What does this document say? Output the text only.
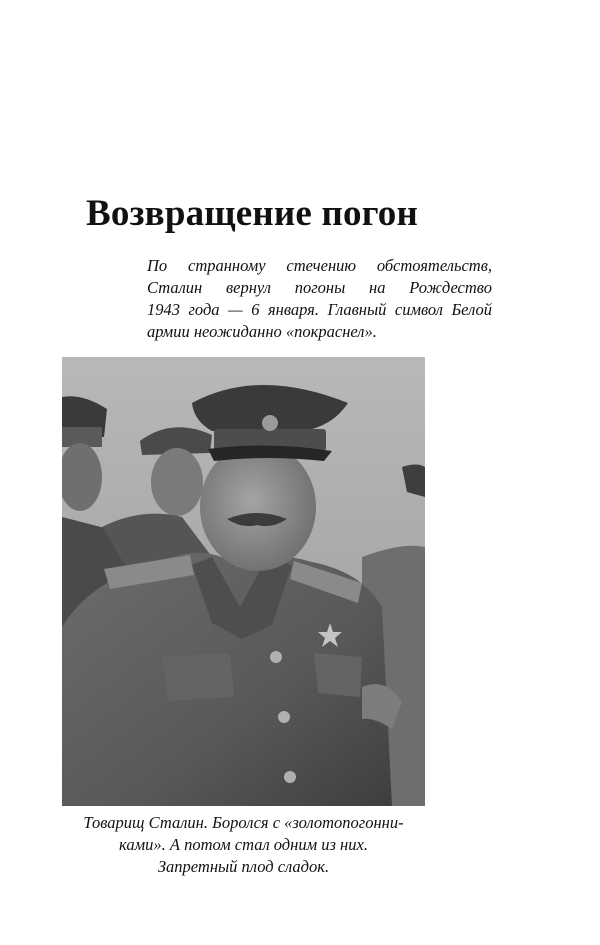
Возвращение погон
По странному стечению обстоятельств,
Сталин вернул погоны на Рождество
1943 года — 6 января. Главный символ Белой
армии неожиданно «покраснел».
Товарищ Сталин. Боролся с «золотопогонни-
ками». А потом стал одним из них.
Запретный плод сладок.
